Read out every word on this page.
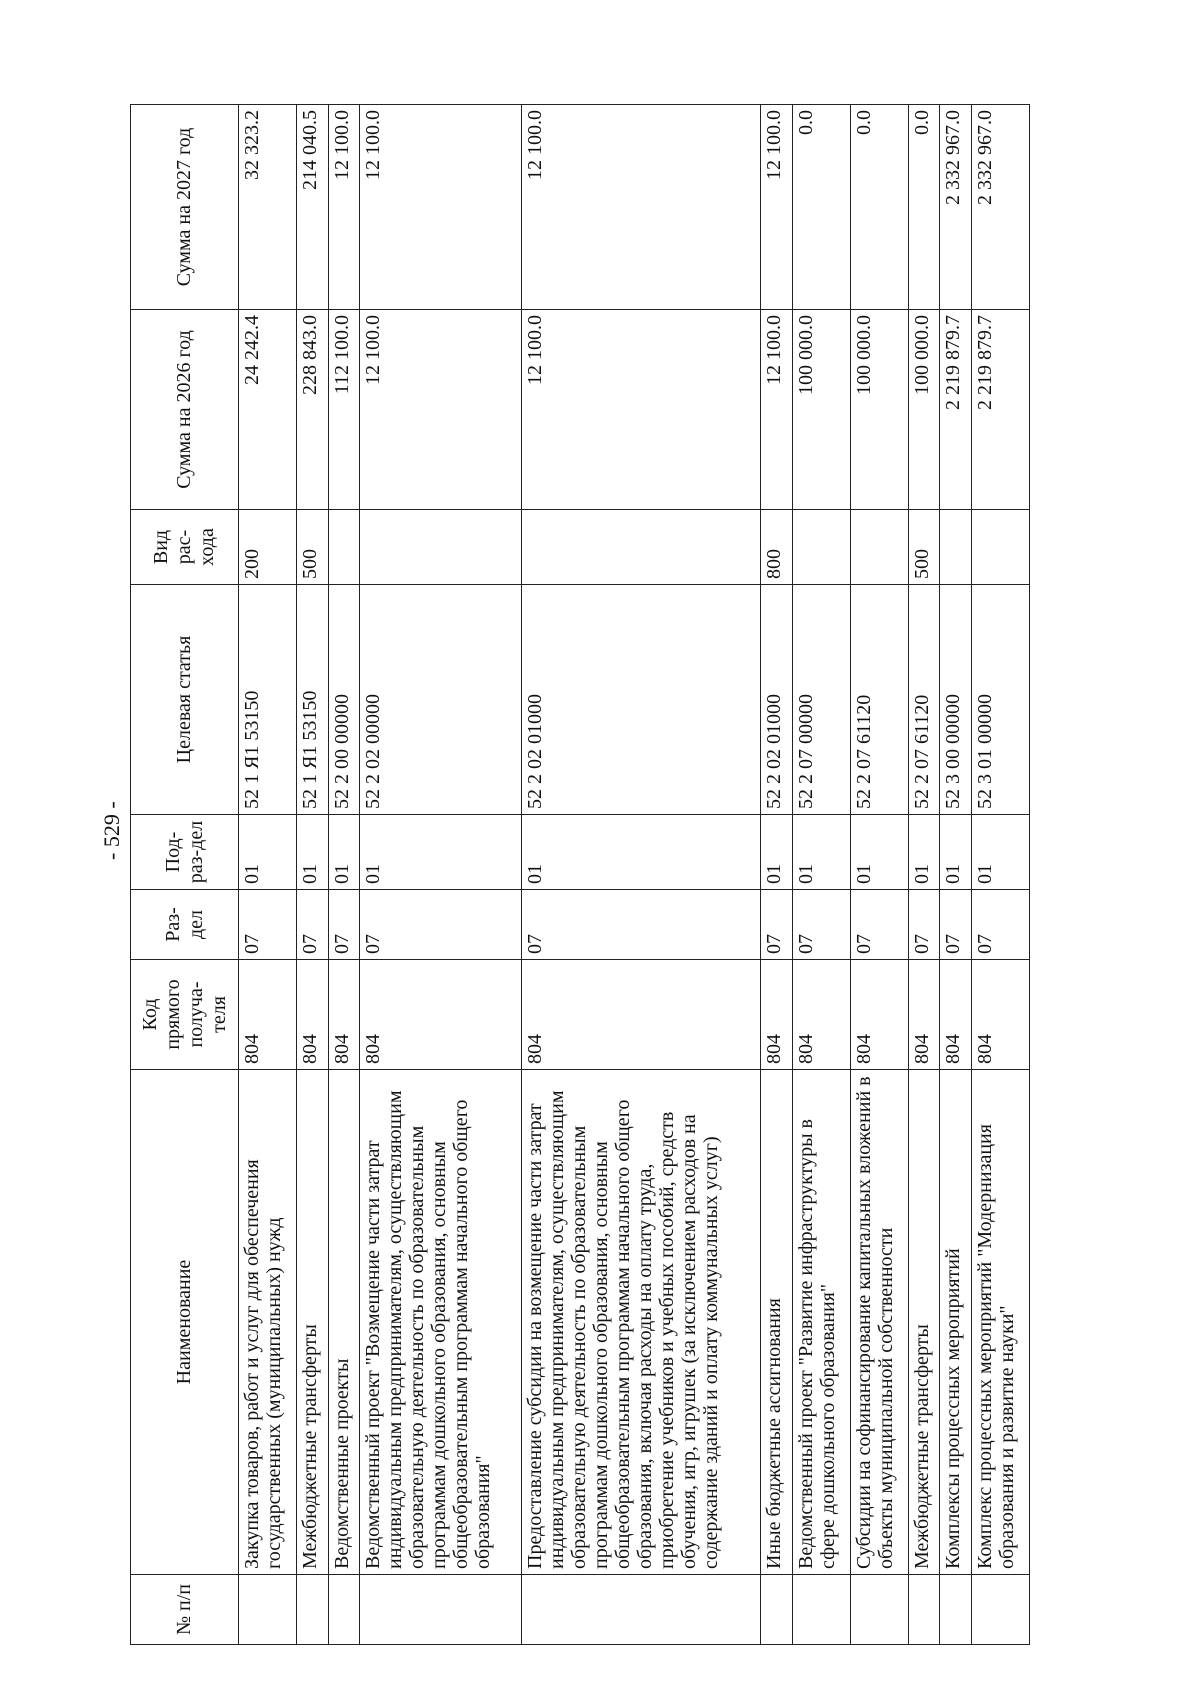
- 529 -
№ п/п	Наименование	Код прямого получа-теля	Раз-дел	Под-раз-дел	Целевая статья	Вид рас-хода	Сумма на 2026 год	Сумма на 2027 год
	Закупка товаров, работ и услуг для обеспечения государственных (муниципальных) нужд	804	07	01	52 1 Я1 53150	200	24 242.4	32 323.2
	Межбюджетные трансферты	804	07	01	52 1 Я1 53150	500	228 843.0	214 040.5
	Ведомственные проекты	804	07	01	52 2 00 00000		112 100.0	12 100.0
	Ведомственный проект "Возмещение части затрат индивидуальным предпринимателям, осуществляющим образовательную деятельность по образовательным программам дошкольного образования, основным общеобразовательным программам начального общего образования"	804	07	01	52 2 02 00000		12 100.0	12 100.0
	Предоставление субсидии на возмещение части затрат индивидуальным предпринимателям, осуществляющим образовательную деятельность по образовательным программам дошкольного образования, основным общеобразовательным программам начального общего образования, включая расходы на оплату труда, приобретение учебников и учебных пособий, средств обучения, игр, игрушек (за исключением расходов на содержание зданий и оплату коммунальных услуг)	804	07	01	52 2 02 01000		12 100.0	12 100.0
	Иные бюджетные ассигнования	804	07	01	52 2 02 01000	800	12 100.0	12 100.0
	Ведомственный проект "Развитие инфраструктуры в сфере дошкольного образования"	804	07	01	52 2 07 00000		100 000.0	0.0
	Субсидии на софинансирование капитальных вложений в объекты муниципальной собственности	804	07	01	52 2 07 61120		100 000.0	0.0
	Межбюджетные трансферты	804	07	01	52 2 07 61120	500	100 000.0	0.0
	Комплексы процессных мероприятий	804	07	01	52 3 00 00000		2 219 879.7	2 332 967.0
	Комплекс процессных мероприятий "Модернизация образования и развитие науки"	804	07	01	52 3 01 00000		2 219 879.7	2 332 967.0
